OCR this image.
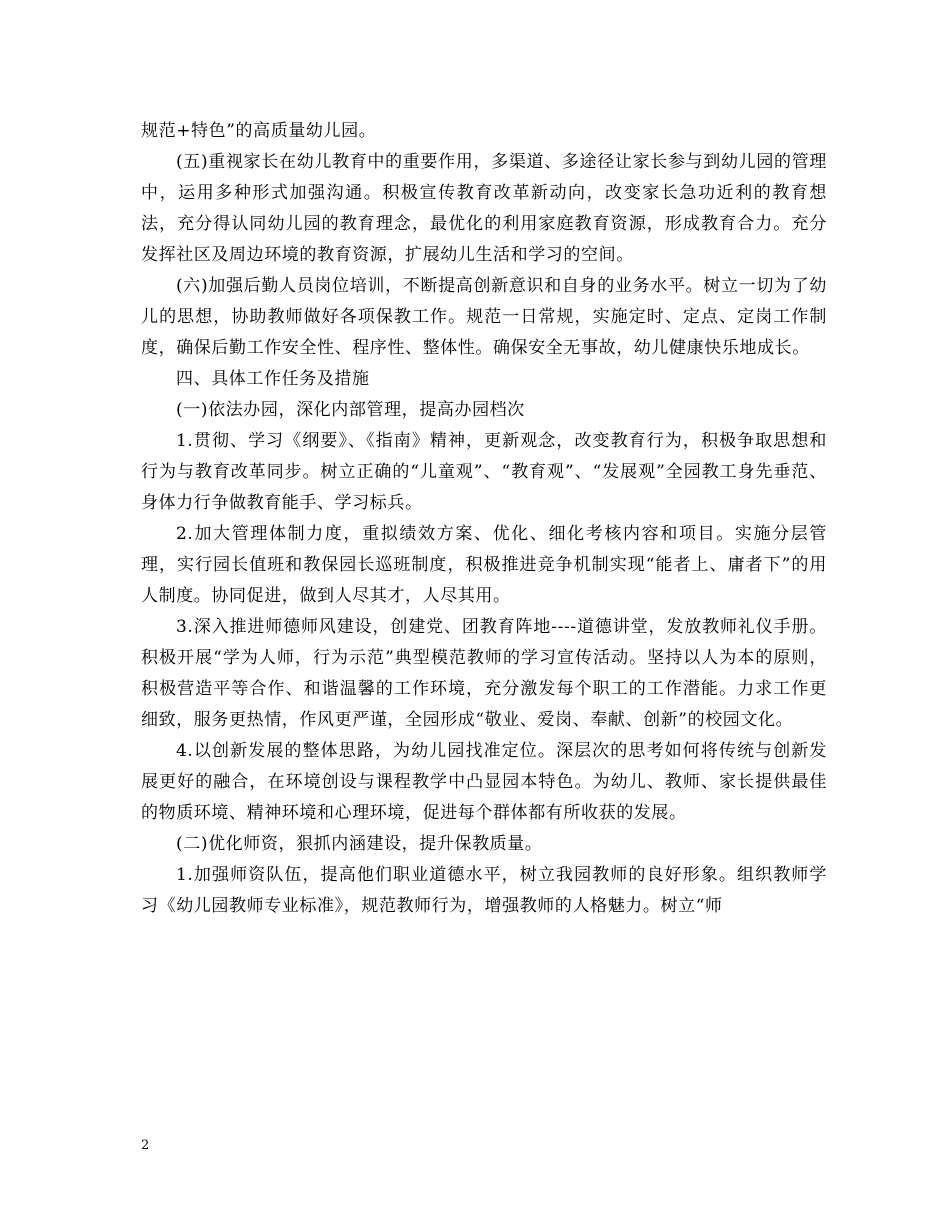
规范+特色”的高质量幼儿园。

(五)重视家长在幼儿教育中的重要作用，多渠道、多途径让家长参与到幼儿园的管理中，运用多种形式加强沟通。积极宣传教育改革新动向，改变家长急功近利的教育想法，充分得认同幼儿园的教育理念，最优化的利用家庭教育资源，形成教育合力。充分发挥社区及周边环境的教育资源，扩展幼儿生活和学习的空间。

(六)加强后勤人员岗位培训，不断提高创新意识和自身的业务水平。树立一切为了幼儿的思想，协助教师做好各项保教工作。规范一日常规，实施定时、定点、定岗工作制度，确保后勤工作安全性、程序性、整体性。确保安全无事故，幼儿健康快乐地成长。

四、具体工作任务及措施

(一)依法办园，深化内部管理，提高办园档次

1.贯彻、学习《纲要》、《指南》精神，更新观念，改变教育行为，积极争取思想和行为与教育改革同步。树立正确的“儿童观”、“教育观”、“发展观”全园教工身先垂范、身体力行争做教育能手、学习标兵。

2.加大管理体制力度，重拟绩效方案、优化、细化考核内容和项目。实施分层管理，实行园长值班和教保园长巡班制度，积极推进竞争机制实现“能者上、庸者下”的用人制度。协同促进，做到人尽其才，人尽其用。

3.深入推进师德师风建设，创建党、团教育阵地----道德讲堂，发放教师礼仪手册。积极开展“学为人师，行为示范”典型模范教师的学习宣传活动。坚持以人为本的原则，积极营造平等合作、和谐温馨的工作环境，充分激发每个职工的工作潜能。力求工作更细致，服务更热情，作风更严谨，全园形成“敬业、爱岗、奉献、创新”的校园文化。

4.以创新发展的整体思路，为幼儿园找准定位。深层次的思考如何将传统与创新发展更好的融合，在环境创设与课程教学中凸显园本特色。为幼儿、教师、家长提供最佳的物质环境、精神环境和心理环境，促进每个群体都有所收获的发展。

(二)优化师资，狠抓内涵建设，提升保教质量。

1.加强师资队伍，提高他们职业道德水平，树立我园教师的良好形象。组织教师学习《幼儿园教师专业标准》，规范教师行为，增强教师的人格魅力。树立“师

2
